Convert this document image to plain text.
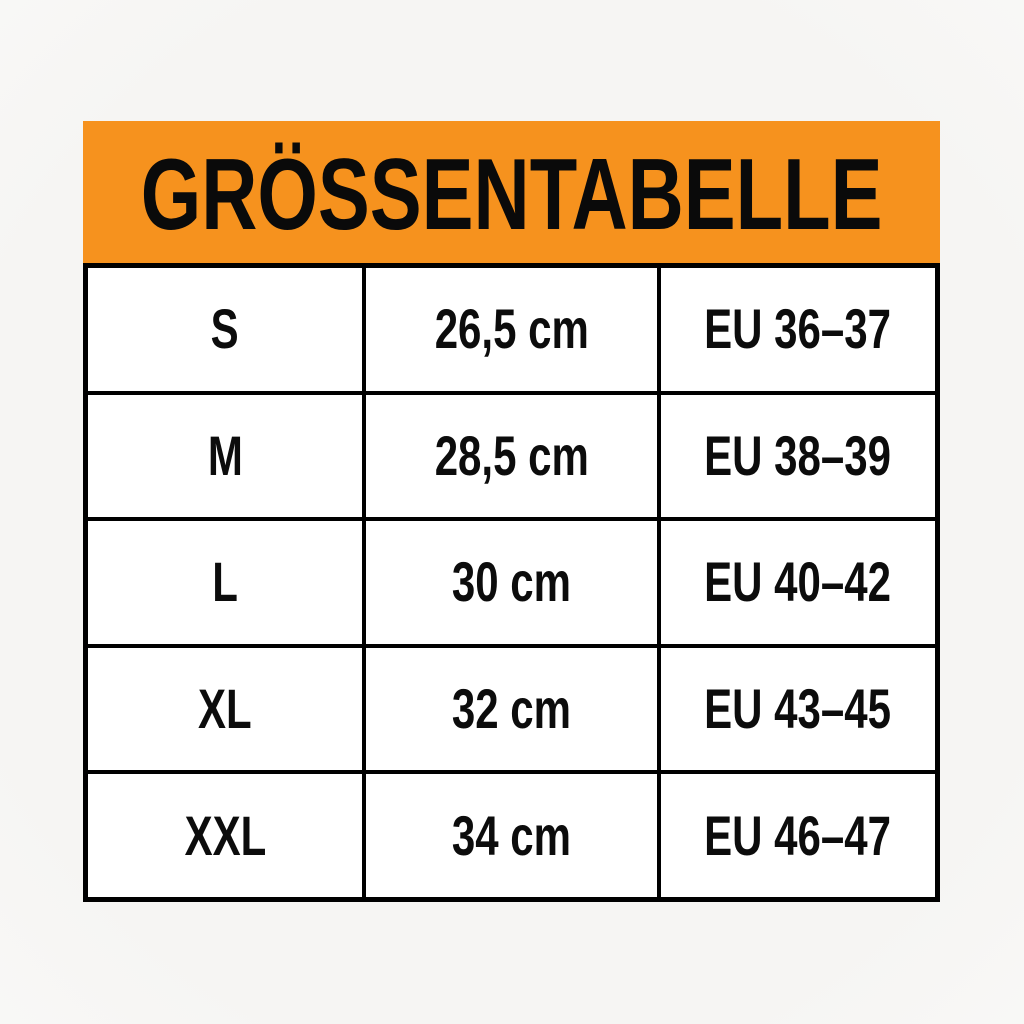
GRÖSSENTABELLE
S	26,5 cm	EU 36–37
M	28,5 cm	EU 38–39
L	30 cm	EU 40–42
XL	32 cm	EU 43–45
XXL	34 cm	EU 46–47
